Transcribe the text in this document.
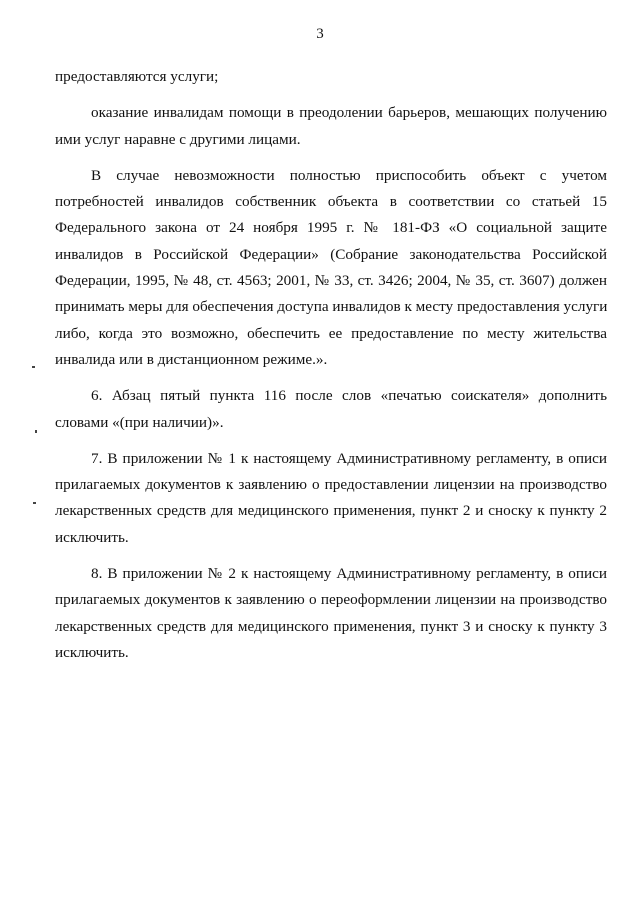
3
предоставляются услуги;
оказание инвалидам помощи в преодолении барьеров, мешающих получению
ими услуг наравне с другими лицами.
В случае невозможности полностью приспособить объект с учетом
потребностей инвалидов собственник объекта в соответствии со статьей 15
Федерального закона от 24 ноября 1995 г. № 181-ФЗ «О социальной защите
инвалидов в Российской Федерации» (Собрание законодательства Российской
Федерации, 1995, № 48, ст. 4563; 2001, № 33, ст. 3426; 2004, № 35, ст. 3607) должен
принимать меры для обеспечения доступа инвалидов к месту предоставления услуги
либо, когда это возможно, обеспечить ее предоставление по месту жительства
инвалида или в дистанционном режиме.».
6. Абзац пятый пункта 116 после слов «печатью соискателя» дополнить
словами «(при наличии)».
7. В приложении № 1 к настоящему Административному регламенту, в описи
прилагаемых документов к заявлению о предоставлении лицензии на производство
лекарственных средств для медицинского применения, пункт 2 и сноску к пункту 2
исключить.
8. В приложении № 2 к настоящему Административному регламенту, в описи
прилагаемых документов к заявлению о переоформлении лицензии на производство
лекарственных средств для медицинского применения, пункт 3 и сноску к пункту 3
исключить.
